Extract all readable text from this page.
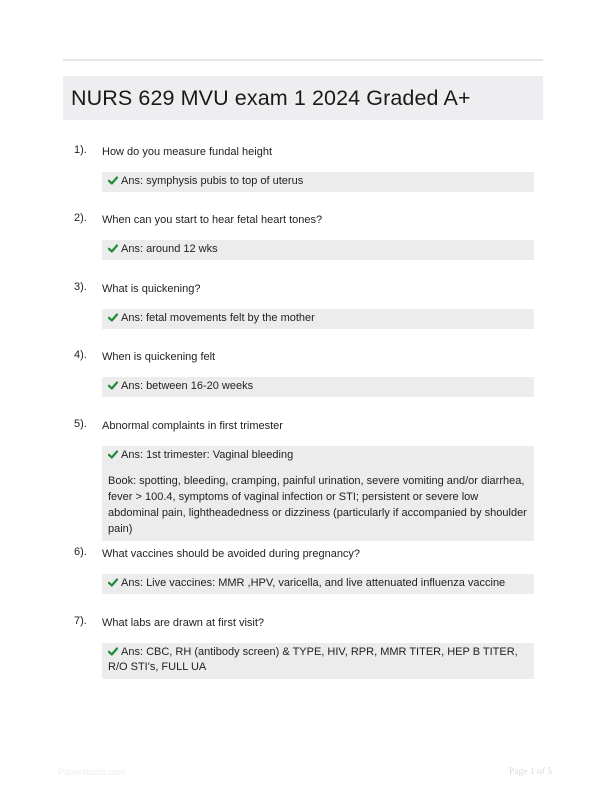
NURS 629 MVU exam 1 2024 Graded A+
1). How do you measure fundal height
Ans: symphysis pubis to top of uterus
2). When can you start to hear fetal heart tones?
Ans: around 12 wks
3). What is quickening?
Ans: fetal movements felt by the mother
4). When is quickening felt
Ans: between 16-20 weeks
5). Abnormal complaints in first trimester
Ans: 1st trimester: Vaginal bleeding
Book: spotting, bleeding, cramping, painful urination, severe vomiting and/or diarrhea, fever > 100.4, symptoms of vaginal infection or STI; persistent or severe low abdominal pain, lightheadedness or dizziness (particularly if accompanied by shoulder pain)
6). What vaccines should be avoided during pregnancy?
Ans: Live vaccines: MMR ,HPV, varicella, and live attenuated influenza vaccine
7). What labs are drawn at first visit?
Ans: CBC, RH (antibody screen) & TYPE, HIV, RPR, MMR TITER, HEP B TITER, R/O STI's, FULL UA
Paperstudio.com	Page 1 of 5
